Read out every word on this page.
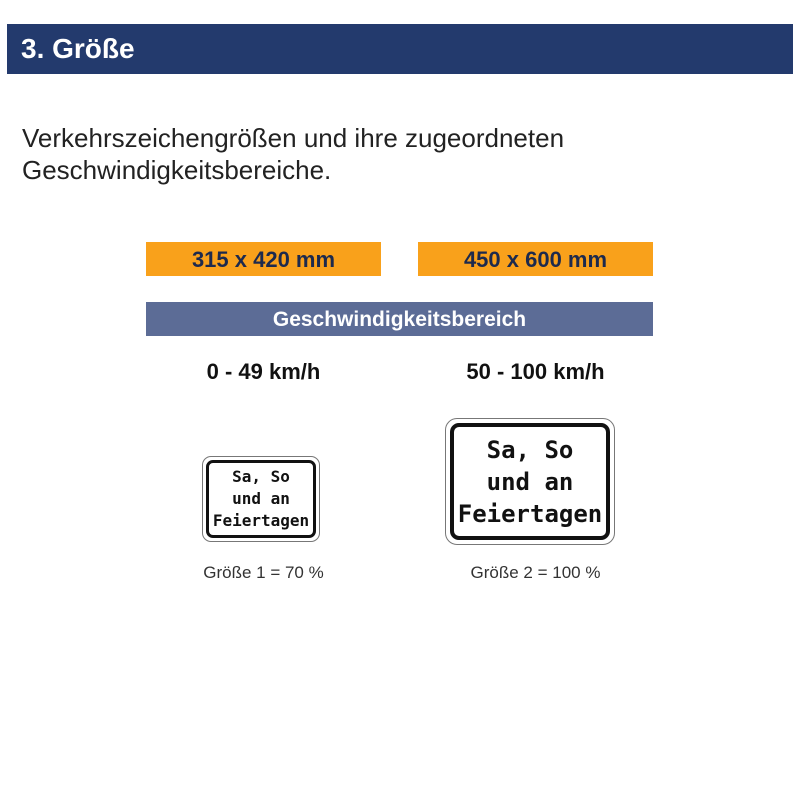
3. Größe
Verkehrszeichengrößen und ihre zugeordneten
Geschwindigkeitsbereiche.
315 x 420 mm	450 x 600 mm
Geschwindigkeitsbereich
0 - 49 km/h	50 - 100 km/h
Sa, So
und an
Feiertagen
Sa, So
und an
Feiertagen
Größe 1 = 70 %	Größe 2 = 100 %
